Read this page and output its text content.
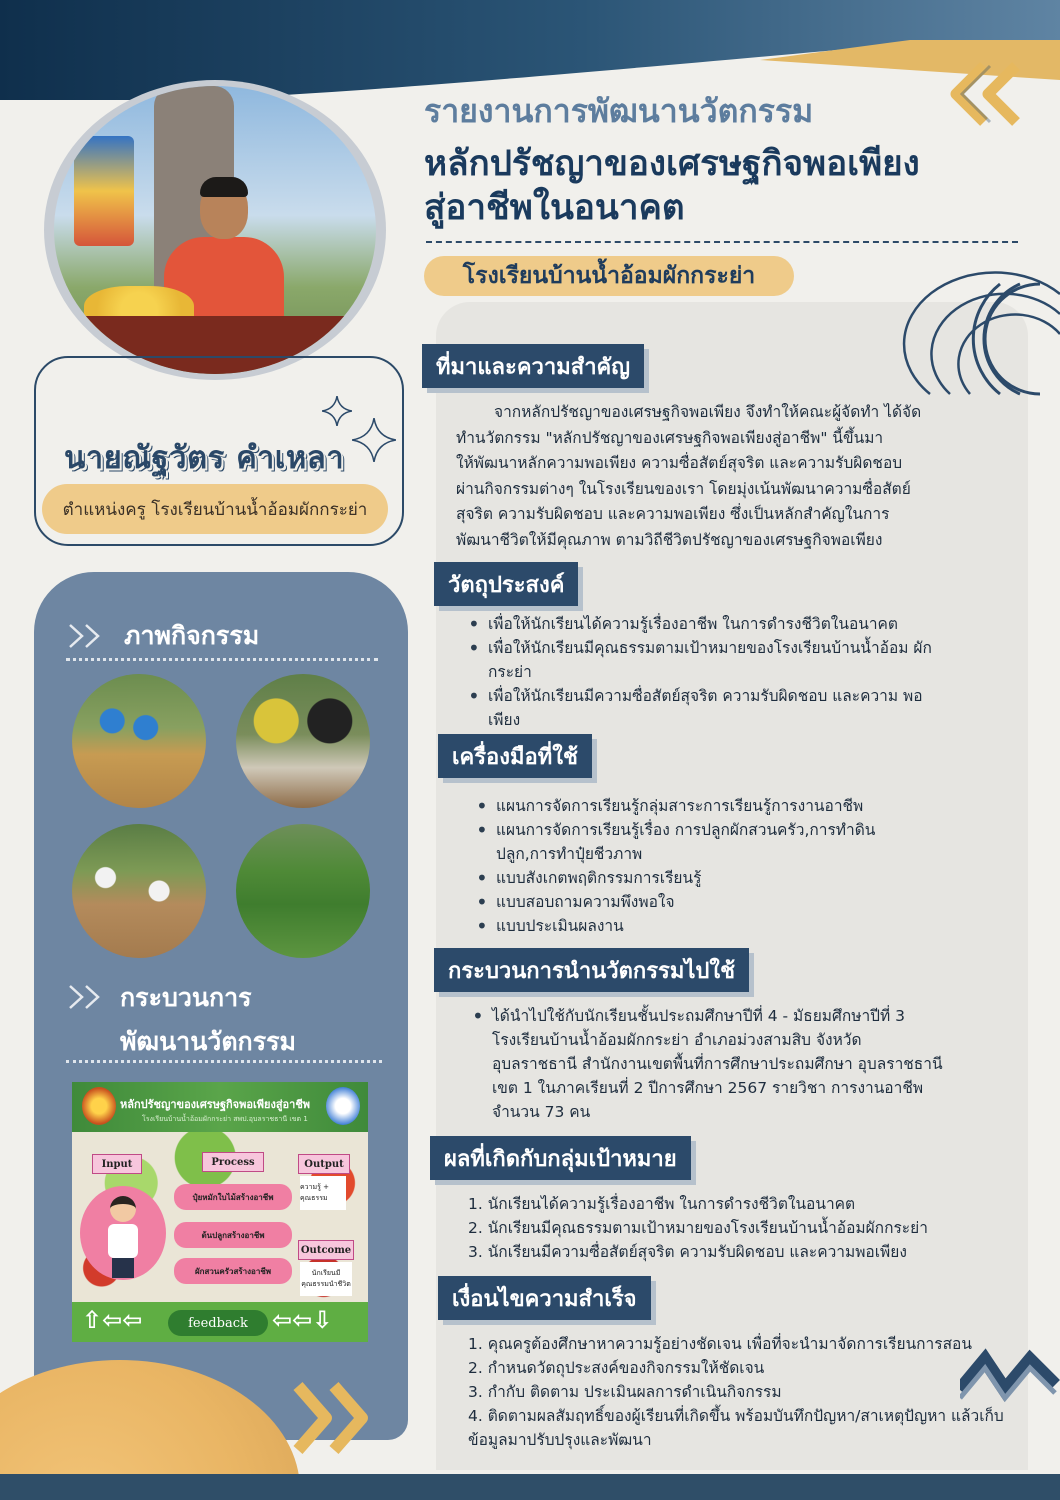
นายณัฐวัตร คำเหลา
ตำแหน่งครู โรงเรียนบ้านน้ำอ้อมผักกระย่า
รายงานการพัฒนานวัตกรรม
หลักปรัชญาของเศรษฐกิจพอเพียง
สู่อาชีพในอนาคต
โรงเรียนบ้านน้ำอ้อมผักกระย่า
ภาพกิจกรรม
กระบวนการ
พัฒนานวัตกรรม
หลักปรัชญาของเศรษฐกิจพอเพียงสู่อาชีพ
โรงเรียนบ้านน้ำอ้อมผักกระย่า สพป.อุบลราชธานี เขต 1
Input	Process	Output
ความรู้ + คุณธรรม
Outcome
นักเรียนมีคุณธรรมนำชีวิต
ปุ๋ยหมักใบไม้สร้างอาชีพ
ต้นปลูกสร้างอาชีพ
ผักสวนครัวสร้างอาชีพ
⇧⇦⇦	⇦⇦⇩
feedback
ที่มาและความสำคัญ
จากหลักปรัชญาของเศรษฐกิจพอเพียง จึงทำให้คณะผู้จัดทำ ได้จัด
ทำนวัตกรรม "หลักปรัชญาของเศรษฐกิจพอเพียงสู่อาชีพ" นี้ขึ้นมา
ให้พัฒนาหลักความพอเพียง ความซื่อสัตย์สุจริต และความรับผิดชอบ
ผ่านกิจกรรมต่างๆ ในโรงเรียนของเรา โดยมุ่งเน้นพัฒนาความซื่อสัตย์
สุจริต ความรับผิดชอบ และความพอเพียง ซึ่งเป็นหลักสำคัญในการ
พัฒนาชีวิตให้มีคุณภาพ ตามวิถีชีวิตปรัชญาของเศรษฐกิจพอเพียง
วัตถุประสงค์
• เพื่อให้นักเรียนได้ความรู้เรื่องอาชีพ ในการดำรงชีวิตในอนาคต
• เพื่อให้นักเรียนมีคุณธรรมตามเป้าหมายของโรงเรียนบ้านน้ำอ้อม ผักกระย่า
• เพื่อให้นักเรียนมีความซื่อสัตย์สุจริต ความรับผิดชอบ และความ พอเพียง
เครื่องมือที่ใช้
• แผนการจัดการเรียนรู้กลุ่มสาระการเรียนรู้การงานอาชีพ
• แผนการจัดการเรียนรู้เรื่อง การปลูกผักสวนครัว,การทำดิน ปลูก,การทำปุ๋ยชีวภาพ
• แบบสังเกตพฤติกรรมการเรียนรู้
• แบบสอบถามความพึงพอใจ
• แบบประเมินผลงาน
กระบวนการนำนวัตกรรมไปใช้
• ได้นำไปใช้กับนักเรียนชั้นประถมศึกษาปีที่ 4 - มัธยมศึกษาปีที่ 3 โรงเรียนบ้านน้ำอ้อมผักกระย่า อำเภอม่วงสามสิบ จังหวัด อุบลราชธานี สำนักงานเขตพื้นที่การศึกษาประถมศึกษา อุบลราชธานีเขต 1 ในภาคเรียนที่ 2 ปีการศึกษา 2567 รายวิชา การงานอาชีพ จำนวน 73 คน
ผลที่เกิดกับกลุ่มเป้าหมาย
1. นักเรียนได้ความรู้เรื่องอาชีพ ในการดำรงชีวิตในอนาคต
2. นักเรียนมีคุณธรรมตามเป้าหมายของโรงเรียนบ้านน้ำอ้อมผักกระย่า
3. นักเรียนมีความซื่อสัตย์สุจริต ความรับผิดชอบ และความพอเพียง
เงื่อนไขความสำเร็จ
1. คุณครูต้องศึกษาหาความรู้อย่างชัดเจน เพื่อที่จะนำมาจัดการเรียนการสอน
2. กำหนดวัตถุประสงค์ของกิจกรรมให้ชัดเจน
3. กำกับ ติดตาม ประเมินผลการดำเนินกิจกรรม
4. ติดตามผลสัมฤทธิ์ของผู้เรียนที่เกิดขึ้น พร้อมบันทึกปัญหา/สาเหตุปัญหา แล้วเก็บข้อมูลมาปรับปรุงและพัฒนา
